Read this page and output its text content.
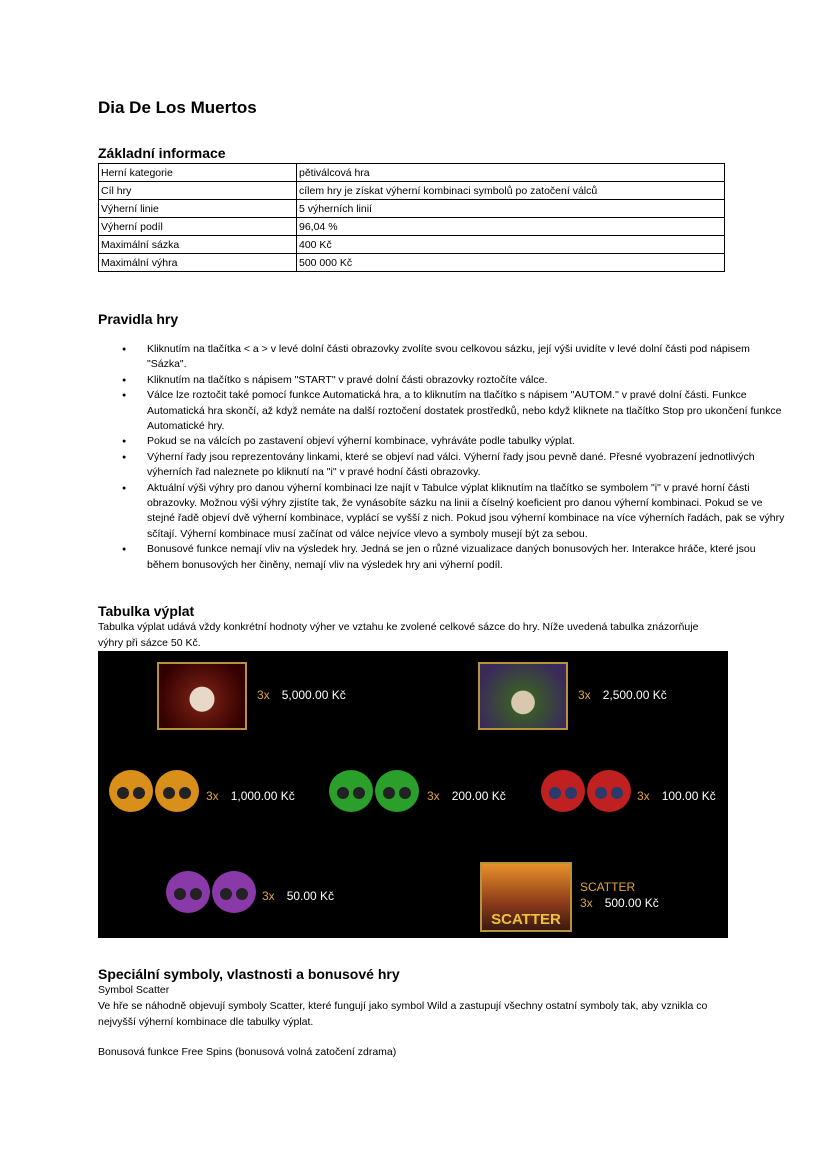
Dia De Los Muertos
Základní informace
Herní kategorie	pětiválcová hra
Cíl hry	cílem hry je získat výherní kombinaci symbolů po zatočení válců
Výherní linie	5 výherních linií
Výherní podíl	96,04 %
Maximální sázka	400 Kč
Maximální výhra	500 000 Kč
Pravidla hry
● Kliknutím na tlačítka < a > v levé dolní části obrazovky zvolíte svou celkovou sázku, její výši uvidíte v levé dolní části pod nápisem "Sázka".
● Kliknutím na tlačítko s nápisem "START" v pravé dolní části obrazovky roztočíte válce.
● Válce lze roztočit také pomocí funkce Automatická hra, a to kliknutím na tlačítko s nápisem "AUTOM." v pravé dolní části. Funkce Automatická hra skončí, až když nemáte na další roztočení dostatek prostředků, nebo když kliknete na tlačítko Stop pro ukončení funkce Automatické hry.
● Pokud se na válcích po zastavení objeví výherní kombinace, vyhráváte podle tabulky výplat.
● Výherní řady jsou reprezentovány linkami, které se objeví nad válci. Výherní řady jsou pevně dané. Přesné vyobrazení jednotlivých výherních řad naleznete po kliknutí na "i" v pravé hodní části obrazovky.
● Aktuální výši výhry pro danou výherní kombinaci lze najít v Tabulce výplat kliknutím na tlačítko se symbolem "i" v pravé horní části obrazovky. Možnou výši výhry zjistíte tak, že vynásobíte sázku na linii a číselný koeficient pro danou výherní kombinaci. Pokud se ve stejné řadě objeví dvě výherní kombinace, vyplácí se vyšší z nich. Pokud jsou výherní kombinace na více výherních řadách, pak se výhry sčítají. Výherní kombinace musí začínat od válce nejvíce vlevo a symboly musejí být za sebou.
● Bonusové funkce nemají vliv na výsledek hry. Jedná se jen o různé vizualizace daných bonusových her. Interakce hráče, které jsou během bonusových her činěny, nemají vliv na výsledek hry ani výherní podíl.
Tabulka výplat
Tabulka výplat udává vždy konkrétní hodnoty výher ve vztahu ke zvolené celkové sázce do hry. Níže uvedená tabulka znázorňuje výhry při sázce 50 Kč.
3x 5,000.00 Kč	3x 2,500.00 Kč
3x 1,000.00 Kč	3x 200.00 Kč	3x 100.00 Kč
3x 50.00 Kč
SCATTER
SCATTER
3x 500.00 Kč
Speciální symboly, vlastnosti a bonusové hry
Symbol Scatter
Ve hře se náhodně objevují symboly Scatter, které fungují jako symbol Wild a zastupují všechny ostatní symboly tak, aby vznikla co nejvyšší výherní kombinace dle tabulky výplat.
Bonusová funkce Free Spins (bonusová volná zatočení zdrama)
